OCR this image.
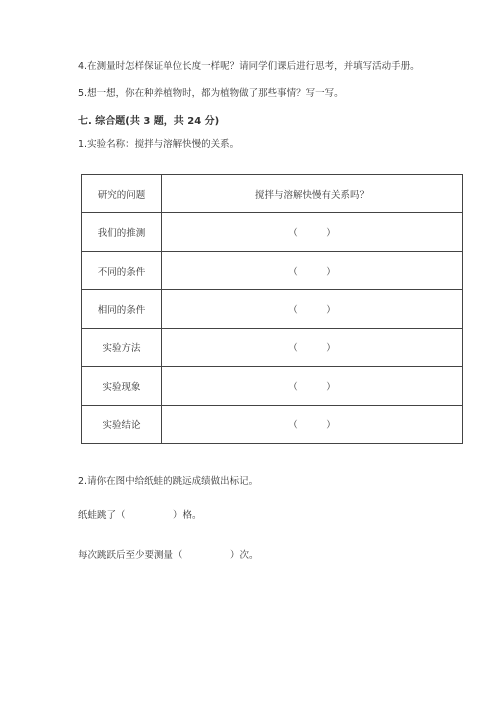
4.在测量时怎样保证单位长度一样呢？请同学们课后进行思考，并填写活动手册。
5.想一想，你在种养植物时，都为植物做了那些事情？写一写。
七. 综合题(共 3 题，共 24 分)
1.实验名称：搅拌与溶解快慢的关系。
研究的问题	搅拌与溶解快慢有关系吗？
我们的推测	（　　　）
不同的条件	（　　　）
相同的条件	（　　　）
实验方法	（　　　）
实验现象	（　　　）
实验结论	（　　　）
2.请你在图中给纸蛙的跳远成绩做出标记。
纸蛙跳了（　　　　　）格。
每次跳跃后至少要测量（　　　　　）次。
